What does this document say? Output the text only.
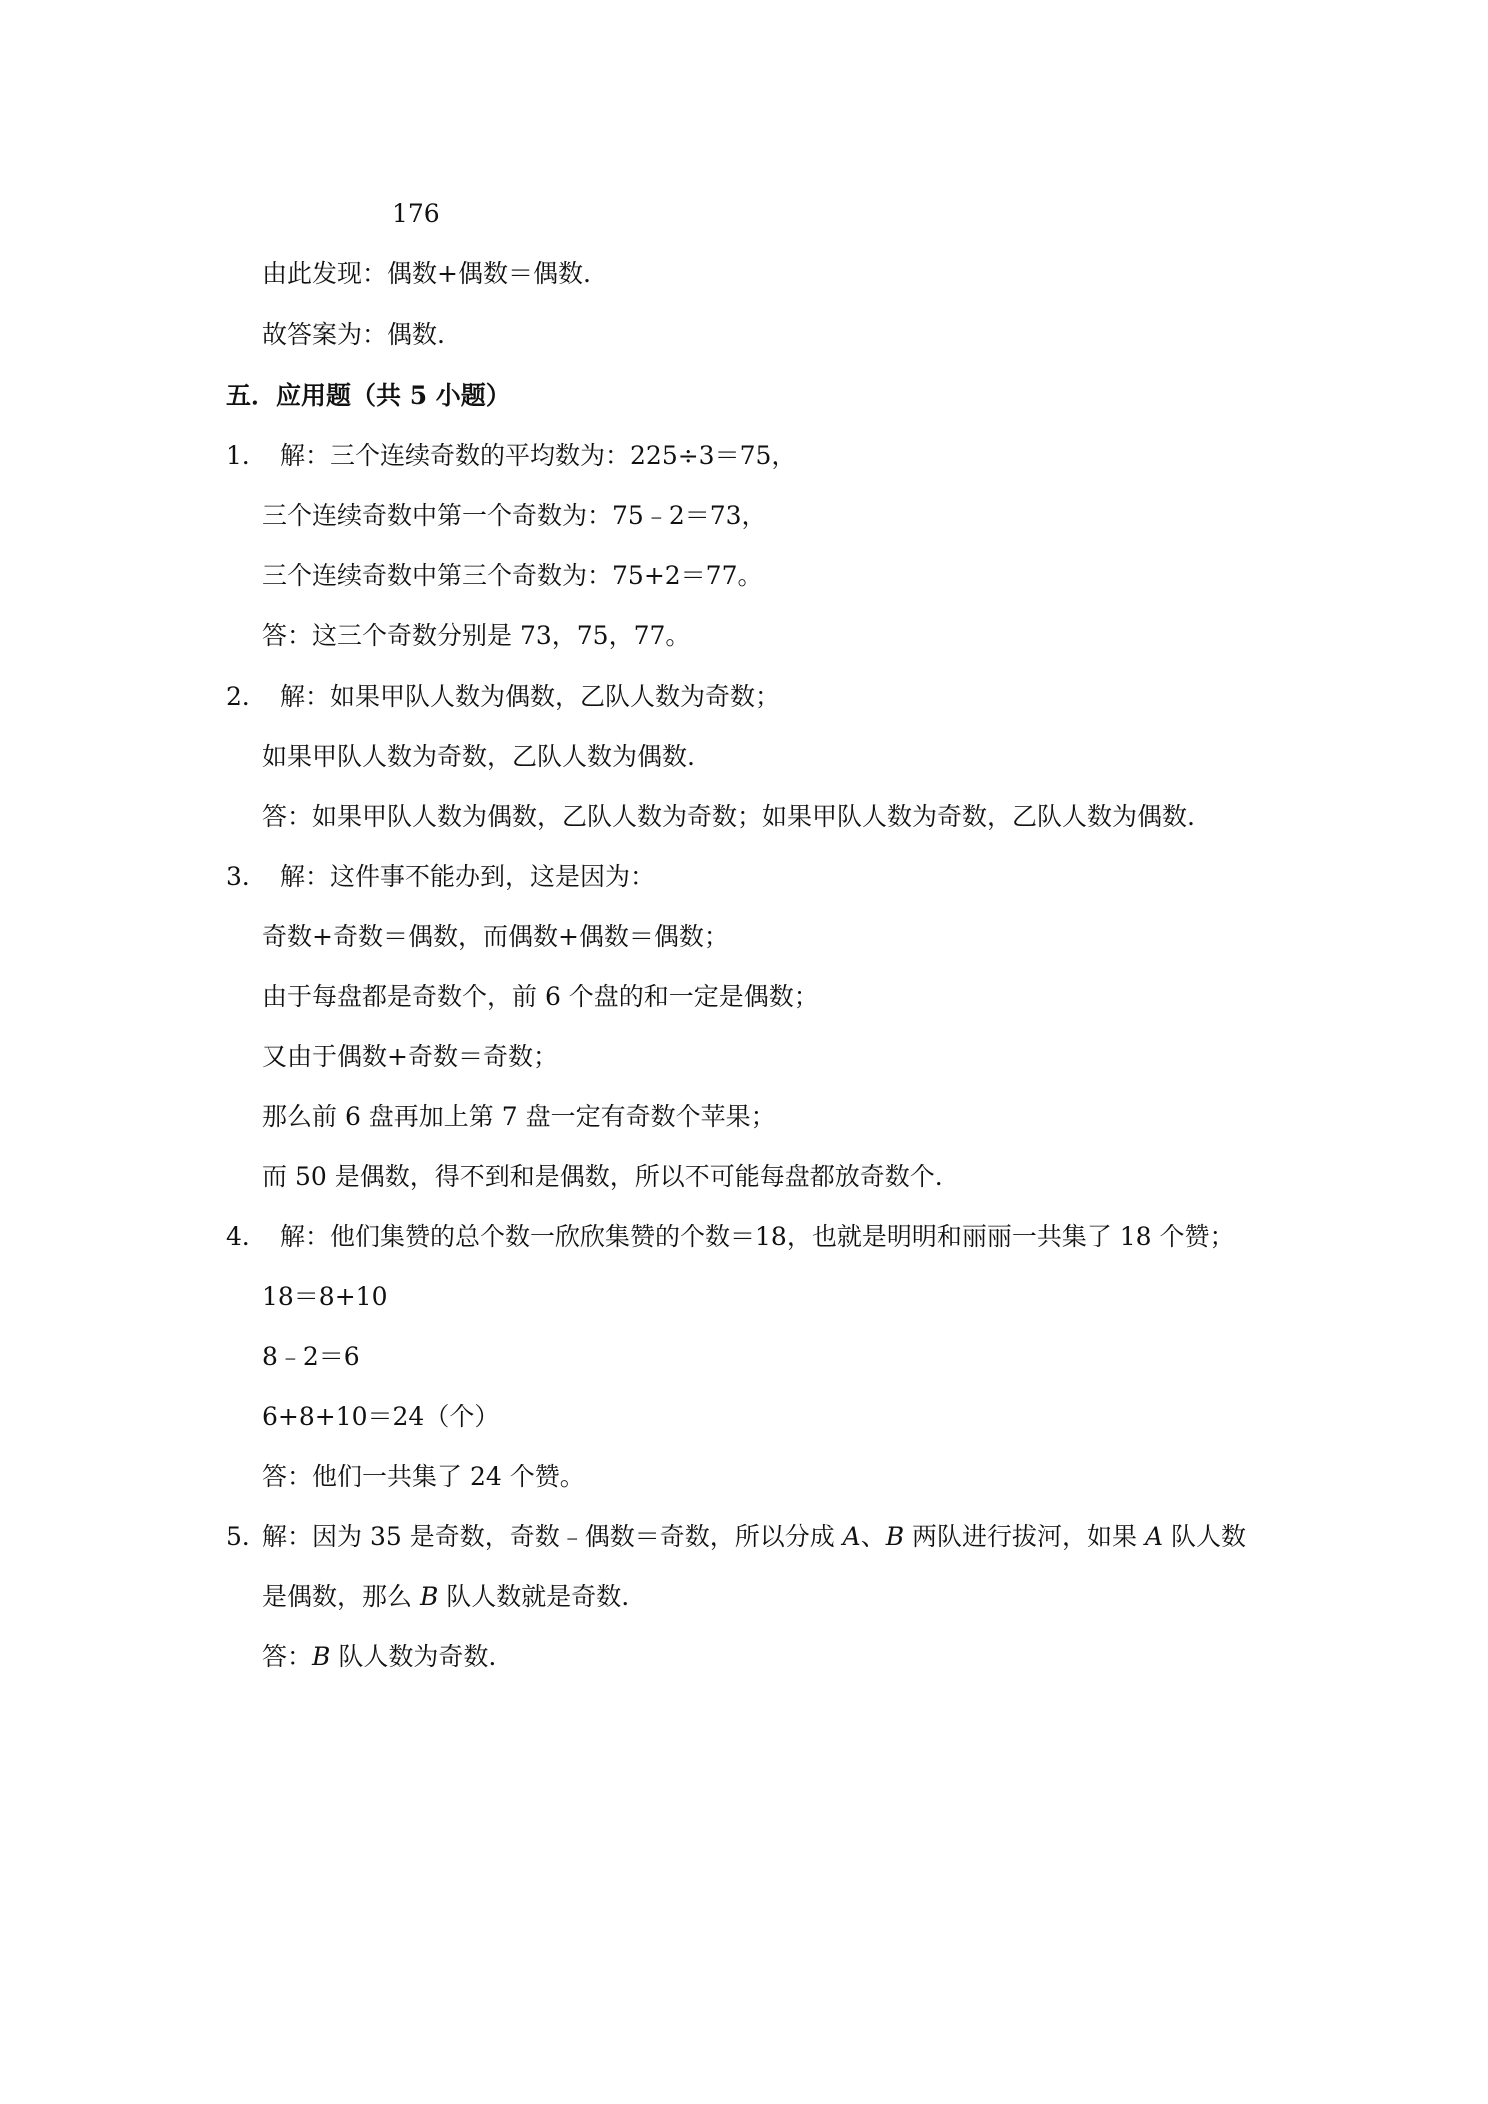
176
由此发现：偶数+偶数＝偶数.
故答案为：偶数.
五．应用题（共 5 小题）
1． 解：三个连续奇数的平均数为：225÷3＝75，
三个连续奇数中第一个奇数为：75﹣2＝73，
三个连续奇数中第三个奇数为：75+2＝77。
答：这三个奇数分别是 73，75，77。
2． 解：如果甲队人数为偶数，乙队人数为奇数；
如果甲队人数为奇数，乙队人数为偶数.
答：如果甲队人数为偶数，乙队人数为奇数；如果甲队人数为奇数，乙队人数为偶数.
3． 解：这件事不能办到，这是因为：
奇数+奇数＝偶数，而偶数+偶数＝偶数；
由于每盘都是奇数个，前 6 个盘的和一定是偶数；
又由于偶数+奇数＝奇数；
那么前 6 盘再加上第 7 盘一定有奇数个苹果；
而 50 是偶数，得不到和是偶数，所以不可能每盘都放奇数个.
4． 解：他们集赞的总个数一欣欣集赞的个数＝18，也就是明明和丽丽一共集了 18 个赞；
18＝8+10
8﹣2＝6
6+8+10＝24（个）
答：他们一共集了 24 个赞。
5．
解：因为 35 是奇数，奇数﹣偶数＝奇数，所以分成 A、B 两队进行拔河，如果 A 队人数
是偶数，那么 B 队人数就是奇数.
答：B 队人数为奇数.
